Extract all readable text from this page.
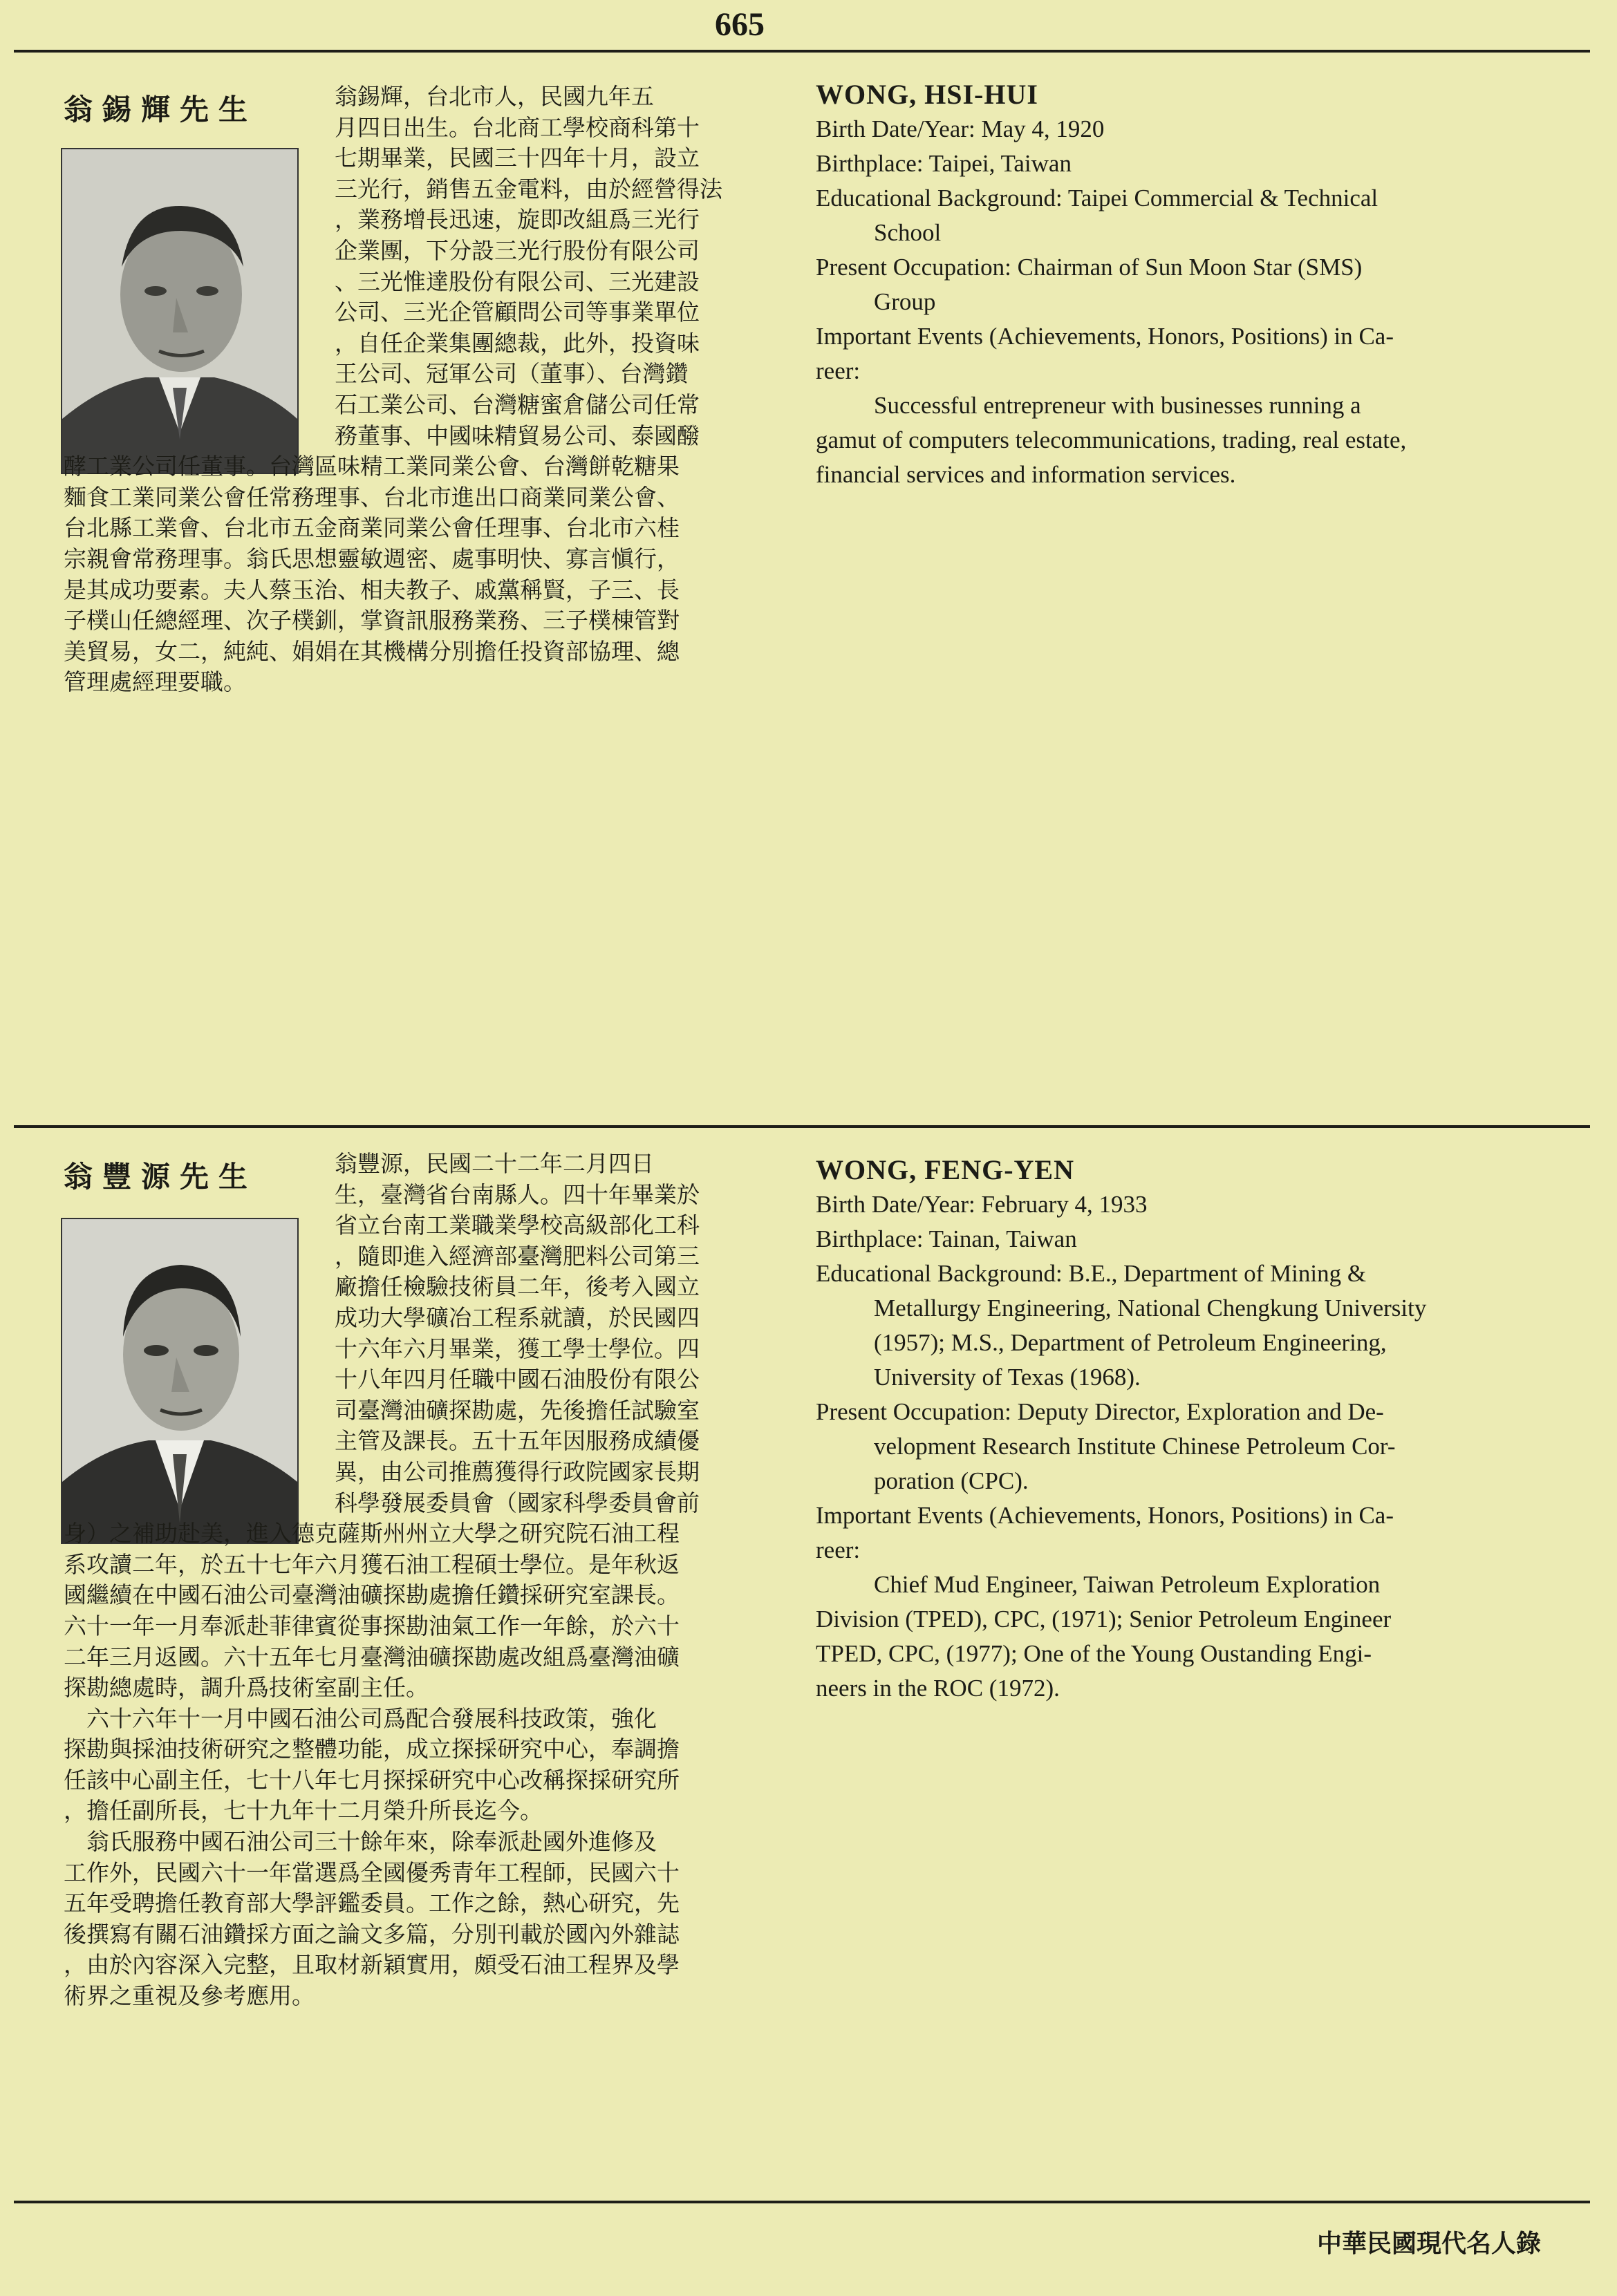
665
翁錫輝先生	翁錫輝，台北市人，民國九年五
月四日出生。台北商工學校商科第十
七期畢業，民國三十四年十月，設立
三光行，銷售五金電料，由於經營得法
，業務增長迅速，旋即改組爲三光行
企業團，下分設三光行股份有限公司
、三光惟達股份有限公司、三光建設
公司、三光企管顧問公司等事業單位
，自任企業集團總裁，此外，投資味
王公司、冠軍公司（董事）、台灣鑽
石工業公司、台灣糖蜜倉儲公司任常
務董事、中國味精貿易公司、泰國醱
酵工業公司任董事。台灣區味精工業同業公會、台灣餅乾糖果
麵食工業同業公會任常務理事、台北市進出口商業同業公會、
台北縣工業會、台北市五金商業同業公會任理事、台北市六桂
宗親會常務理事。翁氏思想靈敏週密、處事明快、寡言愼行，
是其成功要素。夫人蔡玉治、相夫教子、戚黨稱賢，子三、長
子樸山任總經理、次子樸釧，掌資訊服務業務、三子樸棟管對
美貿易，女二，純純、娟娟在其機構分別擔任投資部協理、總
管理處經理要職。
WONG, HSI-HUI
Birth Date/Year: May 4, 1920
Birthplace: Taipei, Taiwan
Educational Background: Taipei Commercial & Technical
School
Present Occupation: Chairman of Sun Moon Star (SMS)
Group
Important Events (Achievements, Honors, Positions) in Ca-
reer:
Successful entrepreneur with businesses running a
gamut of computers telecommunications, trading, real estate,
financial services and information services.
翁豐源先生	翁豐源，民國二十二年二月四日
生，臺灣省台南縣人。四十年畢業於
省立台南工業職業學校高級部化工科
，隨即進入經濟部臺灣肥料公司第三
廠擔任檢驗技術員二年，後考入國立
成功大學礦冶工程系就讀，於民國四
十六年六月畢業，獲工學士學位。四
十八年四月任職中國石油股份有限公
司臺灣油礦探勘處，先後擔任試驗室
主管及課長。五十五年因服務成績優
異，由公司推薦獲得行政院國家長期
科學發展委員會（國家科學委員會前
身）之補助赴美，進入德克薩斯州州立大學之研究院石油工程
系攻讀二年，於五十七年六月獲石油工程碩士學位。是年秋返
國繼續在中國石油公司臺灣油礦探勘處擔任鑽採研究室課長。
六十一年一月奉派赴菲律賓從事探勘油氣工作一年餘，於六十
二年三月返國。六十五年七月臺灣油礦探勘處改組爲臺灣油礦
探勘總處時，調升爲技術室副主任。
　六十六年十一月中國石油公司爲配合發展科技政策，強化
探勘與採油技術研究之整體功能，成立探採研究中心，奉調擔
任該中心副主任，七十八年七月探採研究中心改稱探採研究所
，擔任副所長，七十九年十二月榮升所長迄今。
　翁氏服務中國石油公司三十餘年來，除奉派赴國外進修及
工作外，民國六十一年當選爲全國優秀青年工程師，民國六十
五年受聘擔任教育部大學評鑑委員。工作之餘，熱心研究，先
後撰寫有關石油鑽採方面之論文多篇，分別刊載於國內外雜誌
，由於內容深入完整，且取材新穎實用，頗受石油工程界及學
術界之重視及參考應用。
WONG, FENG-YEN
Birth Date/Year: February 4, 1933
Birthplace: Tainan, Taiwan
Educational Background: B.E., Department of Mining &
Metallurgy Engineering, National Chengkung University
(1957); M.S., Department of Petroleum Engineering,
University of Texas (1968).
Present Occupation: Deputy Director, Exploration and De-
velopment Research Institute Chinese Petroleum Cor-
poration (CPC).
Important Events (Achievements, Honors, Positions) in Ca-
reer:
Chief Mud Engineer, Taiwan Petroleum Exploration
Division (TPED), CPC, (1971); Senior Petroleum Engineer
TPED, CPC, (1977); One of the Young Oustanding Engi-
neers in the ROC (1972).
中華民國現代名人錄
